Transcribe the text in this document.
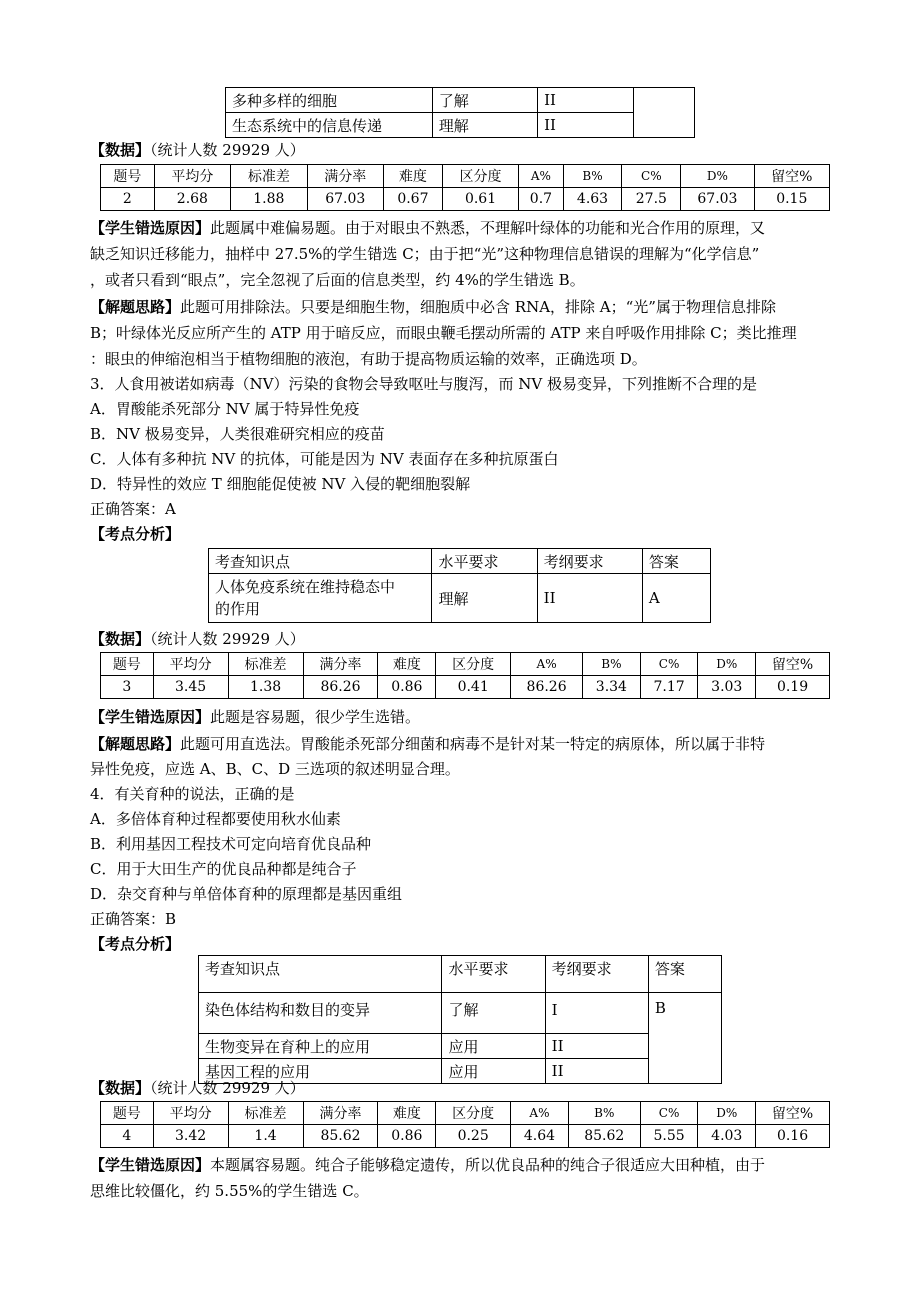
多种多样的细胞	了解	II	
生态系统中的信息传递	理解	II	
【数据】（统计人数 29929 人）
题号	平均分	标准差	满分率	难度	区分度	A%	B%	C%	D%	留空%
2	2.68	1.88	67.03	0.67	0.61	0.7	4.63	27.5	67.03	0.15
【学生错选原因】此题属中难偏易题。由于对眼虫不熟悉，不理解叶绿体的功能和光合作用的原理，又
缺乏知识迁移能力，抽样中 27.5%的学生错选 C；由于把“光”这种物理信息错误的理解为“化学信息”
，或者只看到“眼点”，完全忽视了后面的信息类型，约 4%的学生错选 B。
【解题思路】此题可用排除法。只要是细胞生物，细胞质中必含 RNA，排除 A；“光”属于物理信息排除
B；叶绿体光反应所产生的 ATP 用于暗反应，而眼虫鞭毛摆动所需的 ATP 来自呼吸作用排除 C；类比推理
：眼虫的伸缩泡相当于植物细胞的液泡，有助于提高物质运输的效率，正确选项 D。
3．人食用被诺如病毒（NV）污染的食物会导致呕吐与腹泻，而 NV 极易变异，下列推断不合理的是
A．胃酸能杀死部分 NV 属于特异性免疫
B．NV 极易变异，人类很难研究相应的疫苗
C．人体有多种抗 NV 的抗体，可能是因为 NV 表面存在多种抗原蛋白
D．特异性的效应 T 细胞能促使被 NV 入侵的靶细胞裂解
正确答案：A
【考点分析】
考查知识点	水平要求	考纲要求	答案
人体免疫系统在维持稳态中
的作用	理解	II	A
【数据】（统计人数 29929 人）
题号	平均分	标准差	满分率	难度	区分度	A%	B%	C%	D%	留空%
3	3.45	1.38	86.26	0.86	0.41	86.26	3.34	7.17	3.03	0.19
【学生错选原因】此题是容易题，很少学生选错。
【解题思路】此题可用直选法。胃酸能杀死部分细菌和病毒不是针对某一特定的病原体，所以属于非特
异性免疫，应选 A、B、C、D 三选项的叙述明显合理。
4．有关育种的说法，正确的是
A．多倍体育种过程都要使用秋水仙素
B．利用基因工程技术可定向培育优良品种
C．用于大田生产的优良品种都是纯合子
D．杂交育种与单倍体育种的原理都是基因重组
正确答案：B
【考点分析】
考查知识点	水平要求	考纲要求	答案
染色体结构和数目的变异	了解	I	B
生物变异在育种上的应用	应用	II	
基因工程的应用	应用	II	
【数据】（统计人数 29929 人）
题号	平均分	标准差	满分率	难度	区分度	A%	B%	C%	D%	留空%
4	3.42	1.4	85.62	0.86	0.25	4.64	85.62	5.55	4.03	0.16
【学生错选原因】本题属容易题。纯合子能够稳定遗传，所以优良品种的纯合子很适应大田种植，由于
思维比较僵化，约 5.55%的学生错选 C。
